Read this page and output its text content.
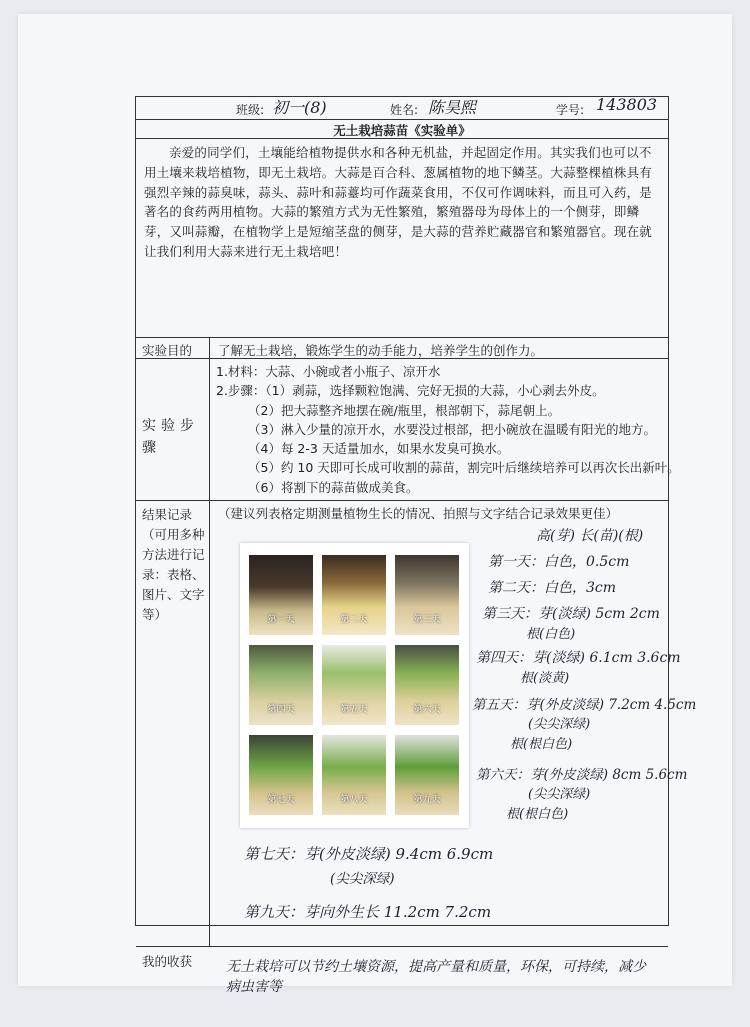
班级: 初一(8)	姓名: 陈昊熙	学号: 143803
无土栽培蒜苗《实验单》
亲爱的同学们，土壤能给植物提供水和各种无机盐，并起固定作用。其实我们也可以不用土壤来栽培植物，即无土栽培。大蒜是百合科、葱属植物的地下鳞茎。大蒜整棵植株具有强烈辛辣的蒜臭味，蒜头、蒜叶和蒜薹均可作蔬菜食用，不仅可作调味料，而且可入药，是著名的食药两用植物。大蒜的繁殖方式为无性繁殖，繁殖器母为母体上的一个侧芽，即鳞芽，又叫蒜瓣，在植物学上是短缩茎盘的侧芽，是大蒜的营养贮藏器官和繁殖器官。现在就让我们利用大蒜来进行无土栽培吧！
实验目的 了解无土栽培，锻炼学生的动手能力，培养学生的创作力。
实验步骤
1.材料：大蒜、小碗或者小瓶子、凉开水
2.步骤：（1）剥蒜，选择颗粒饱满、完好无损的大蒜，小心剥去外皮。
（2）把大蒜整齐地摆在碗/瓶里，根部朝下，蒜尾朝上。
（3）淋入少量的凉开水，水要没过根部，把小碗放在温暖有阳光的地方。
（4）每 2-3 天适量加水，如果水发臭可换水。
（5）约 10 天即可长成可收割的蒜苗，割完叶后继续培养可以再次长出新叶。
（6）将割下的蒜苗做成美食。
结果记录（可用多种方法进行记录：表格、图片、文字等）
（建议列表格定期测量植物生长的情况、拍照与文字结合记录效果更佳）
第一天	第二天	第三天
第四天	第五天	第六天
第七天	第八天	第九天
高(芽) 长(苗)(根)
第一天：白色，0.5cm
第二天：白色，3cm
第三天：芽(淡绿) 5cm 2cm
根(白色)
第四天：芽(淡绿) 6.1cm 3.6cm
根(淡黄)
第五天：芽(外皮淡绿) 7.2cm 4.5cm
(尖尖深绿)
根(根白色)
第六天：芽(外皮淡绿) 8cm 5.6cm
(尖尖深绿)
根(根白色)
第七天：芽(外皮淡绿) 9.4cm 6.9cm
(尖尖深绿)
第九天：芽向外生长 11.2cm 7.2cm
我的收获 无土栽培可以节约土壤资源，提高产量和质量，环保，可持续，减少病虫害等
